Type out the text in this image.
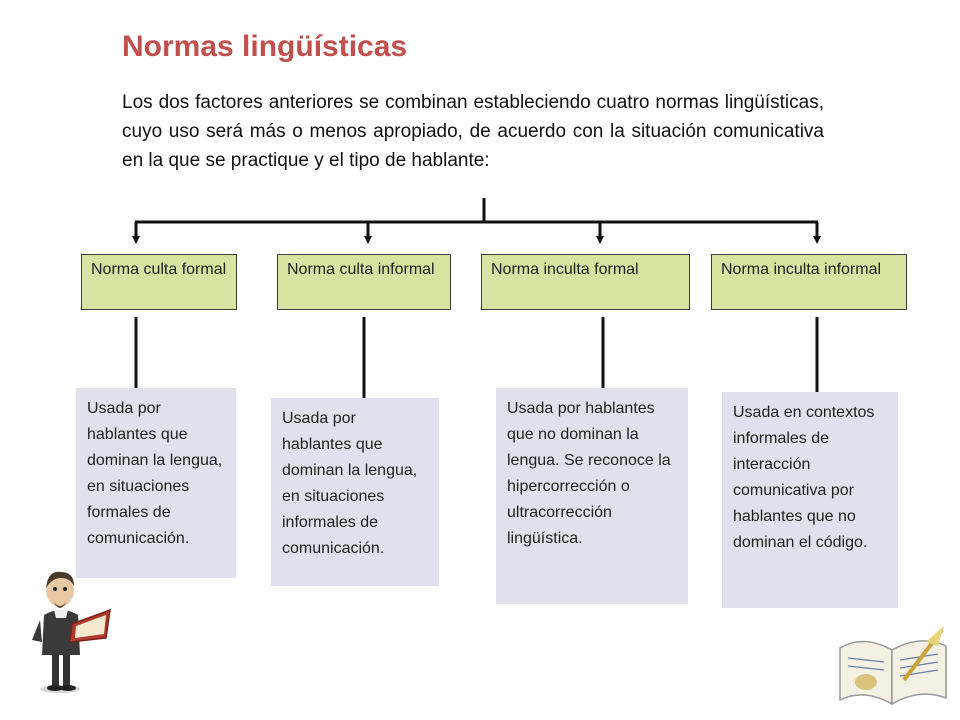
Normas lingüísticas
Los dos factores anteriores se combinan estableciendo cuatro normas lingüísticas, cuyo uso será más o menos apropiado, de acuerdo con la situación comunicativa en la que se practique y el tipo de hablante:
Norma culta formal	Norma culta informal	Norma inculta formal	Norma inculta informal
Usada por hablantes que dominan la lengua, en situaciones formales de comunicación.
Usada por hablantes que dominan la lengua, en situaciones informales de comunicación.
Usada por hablantes que no dominan la lengua. Se reconoce la hipercorrección o ultracorrección lingüística.
Usada en contextos informales de interacción comunicativa por hablantes que no dominan el código.
